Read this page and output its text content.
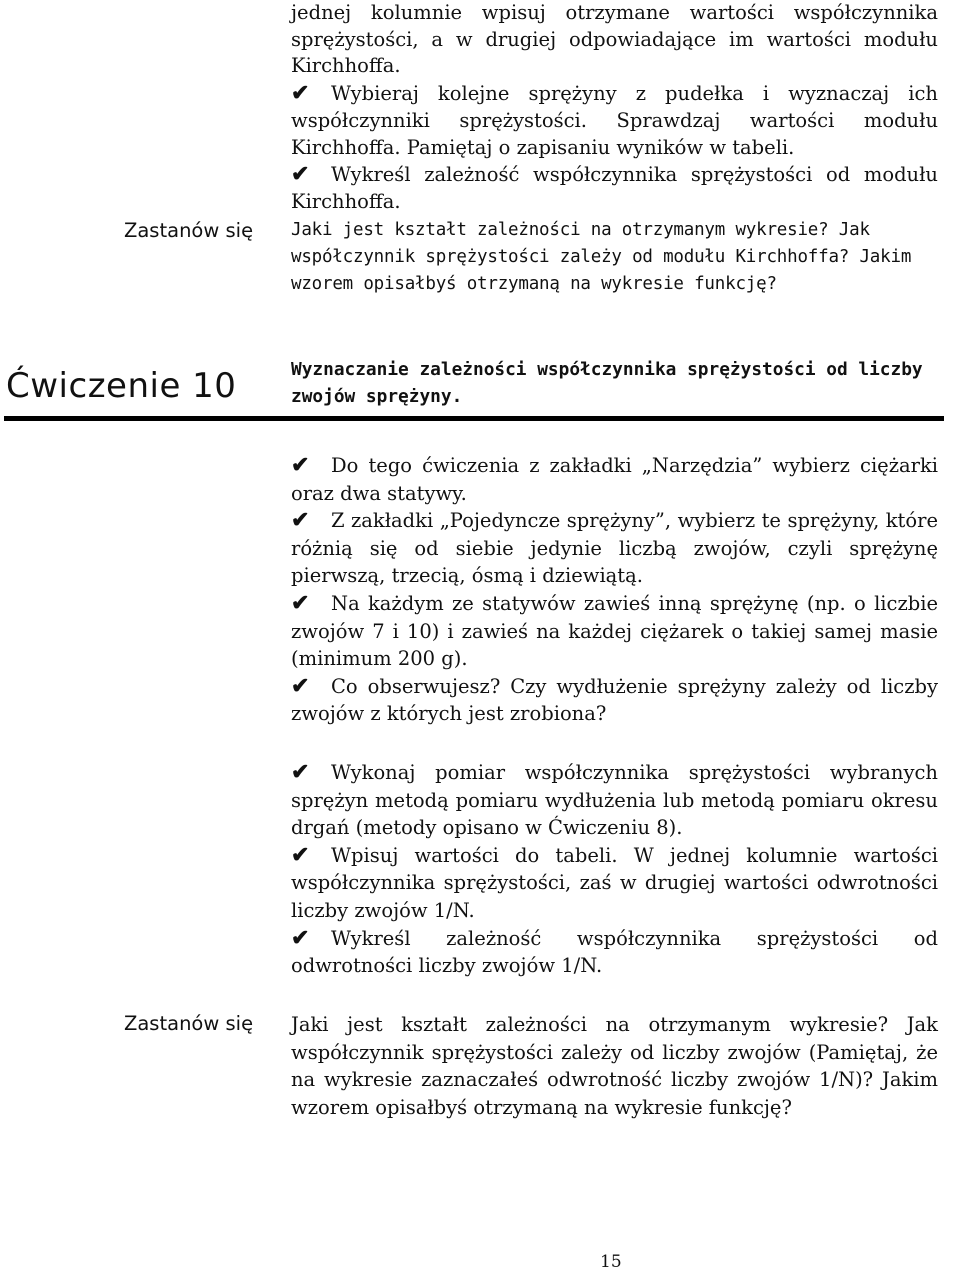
jednej kolumnie wpisuj otrzymane wartości współczynnika sprężystości, a w drugiej odpowiadające im wartości modułu Kirchhoffa.

✔ Wybieraj kolejne sprężyny z pudełka i wyznaczaj ich współczynniki sprężystości. Sprawdzaj wartości modułu Kirchhoffa. Pamiętaj o zapisaniu wyników w tabeli.

✔ Wykreśl zależność współczynnika sprężystości od modułu Kirchhoffa.

Zastanów się Jaki jest kształt zależności na otrzymanym wykresie? Jak współczynnik sprężystości zależy od modułu Kirchhoffa? Jakim wzorem opisałbyś otrzymaną na wykresie funkcję?
Ćwiczenie 10	Wyznaczanie zależności współczynnika sprężystości od liczby zwojów sprężyny.

✔ Do tego ćwiczenia z zakładki „Narzędzia” wybierz ciężarki oraz dwa statywy.

✔ Z zakładki „Pojedyncze sprężyny”, wybierz te sprężyny, które różnią się od siebie jedynie liczbą zwojów, czyli sprężynę pierwszą, trzecią, ósmą i dziewiątą.

✔ Na każdym ze statywów zawieś inną sprężynę (np. o liczbie zwojów 7 i 10) i zawieś na każdej ciężarek o takiej samej masie (minimum 200 g).

✔ Co obserwujesz? Czy wydłużenie sprężyny zależy od liczby zwojów z których jest zrobiona?

✔ Wykonaj pomiar współczynnika sprężystości wybranych sprężyn metodą pomiaru wydłużenia lub metodą pomiaru okresu drgań (metody opisano w Ćwiczeniu 8).

✔ Wpisuj wartości do tabeli. W jednej kolumnie wartości współczynnika sprężystości, zaś w drugiej wartości odwrotności liczby zwojów 1/N.

✔ Wykreśl zależność współczynnika sprężystości od odwrotności liczby zwojów 1/N.

Zastanów się Jaki jest kształt zależności na otrzymanym wykresie? Jak współczynnik sprężystości zależy od liczby zwojów (Pamiętaj, że na wykresie zaznaczałeś odwrotność liczby zwojów 1/N)? Jakim wzorem opisałbyś otrzymaną na wykresie funkcję?
15
